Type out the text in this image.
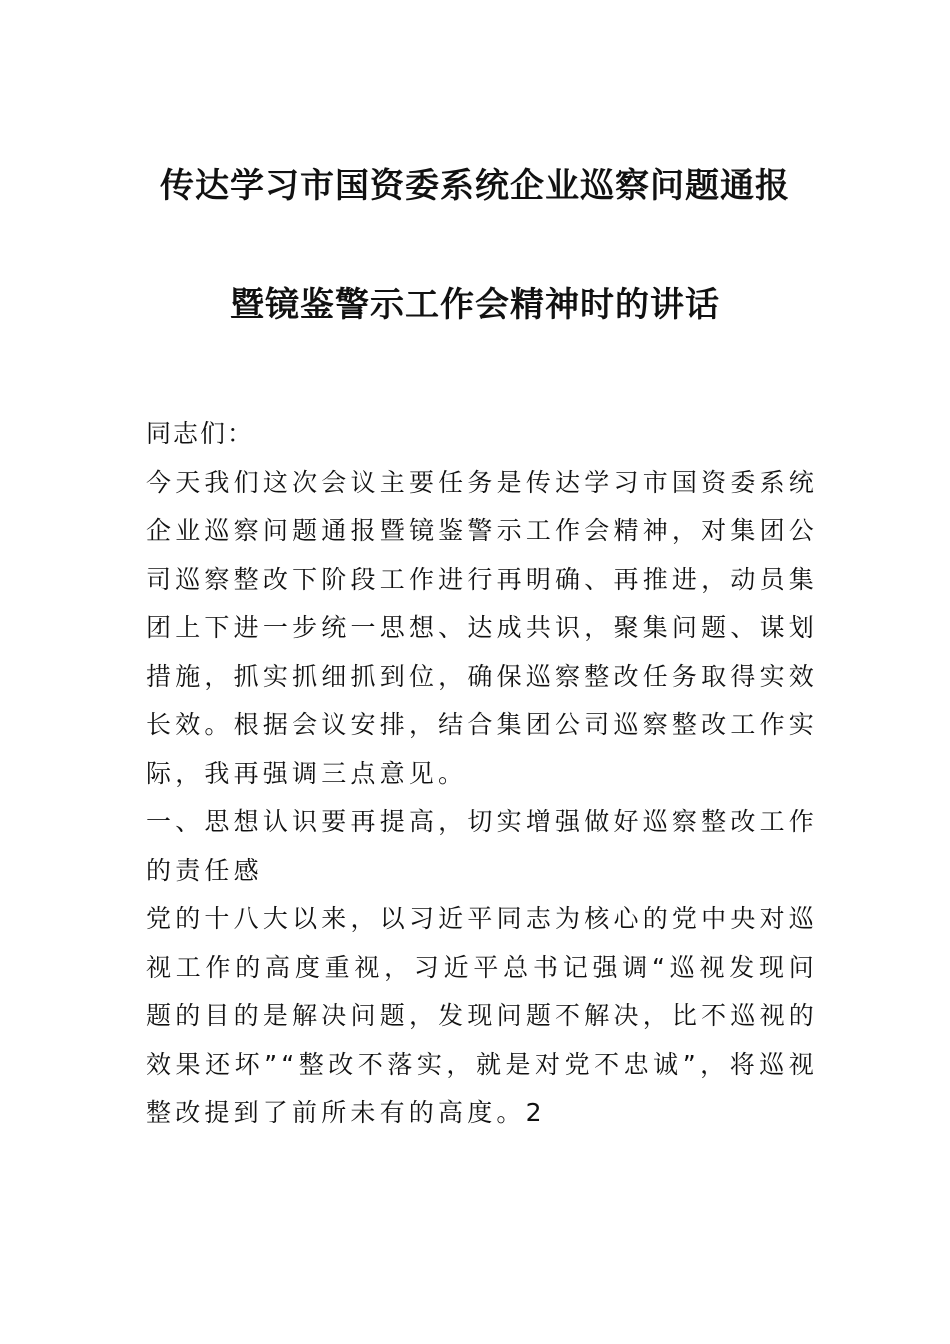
传达学习市国资委系统企业巡察问题通报
暨镜鉴警示工作会精神时的讲话

同志们：

今天我们这次会议主要任务是传达学习市国资委系统企业巡察问题通报暨镜鉴警示工作会精神，对集团公司巡察整改下阶段工作进行再明确、再推进，动员集团上下进一步统一思想、达成共识，聚集问题、谋划措施，抓实抓细抓到位，确保巡察整改任务取得实效长效。根据会议安排，结合集团公司巡察整改工作实际，我再强调三点意见。

一、思想认识要再提高，切实增强做好巡察整改工作的责任感

党的十八大以来，以习近平同志为核心的党中央对巡视工作的高度重视，习近平总书记强调“巡视发现问题的目的是解决问题，发现问题不解决，比不巡视的效果还坏”“整改不落实，就是对党不忠诚”，将巡视整改提到了前所未有的高度。2
